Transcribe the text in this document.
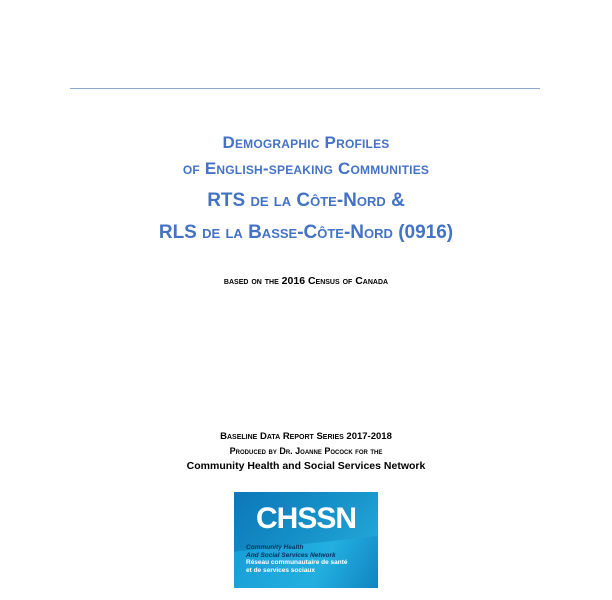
Demographic Profiles
of English-speaking Communities
RTS de la Côte-Nord &
RLS de la Basse-Côte-Nord (0916)
based on the 2016 Census of Canada
Baseline Data Report Series 2017-2018
Produced by Dr. Joanne Pocock for the
Community Health and Social Services Network
CHSSN
Community Health
And Social Services Network
Réseau communautaire de santé
et de services sociaux
